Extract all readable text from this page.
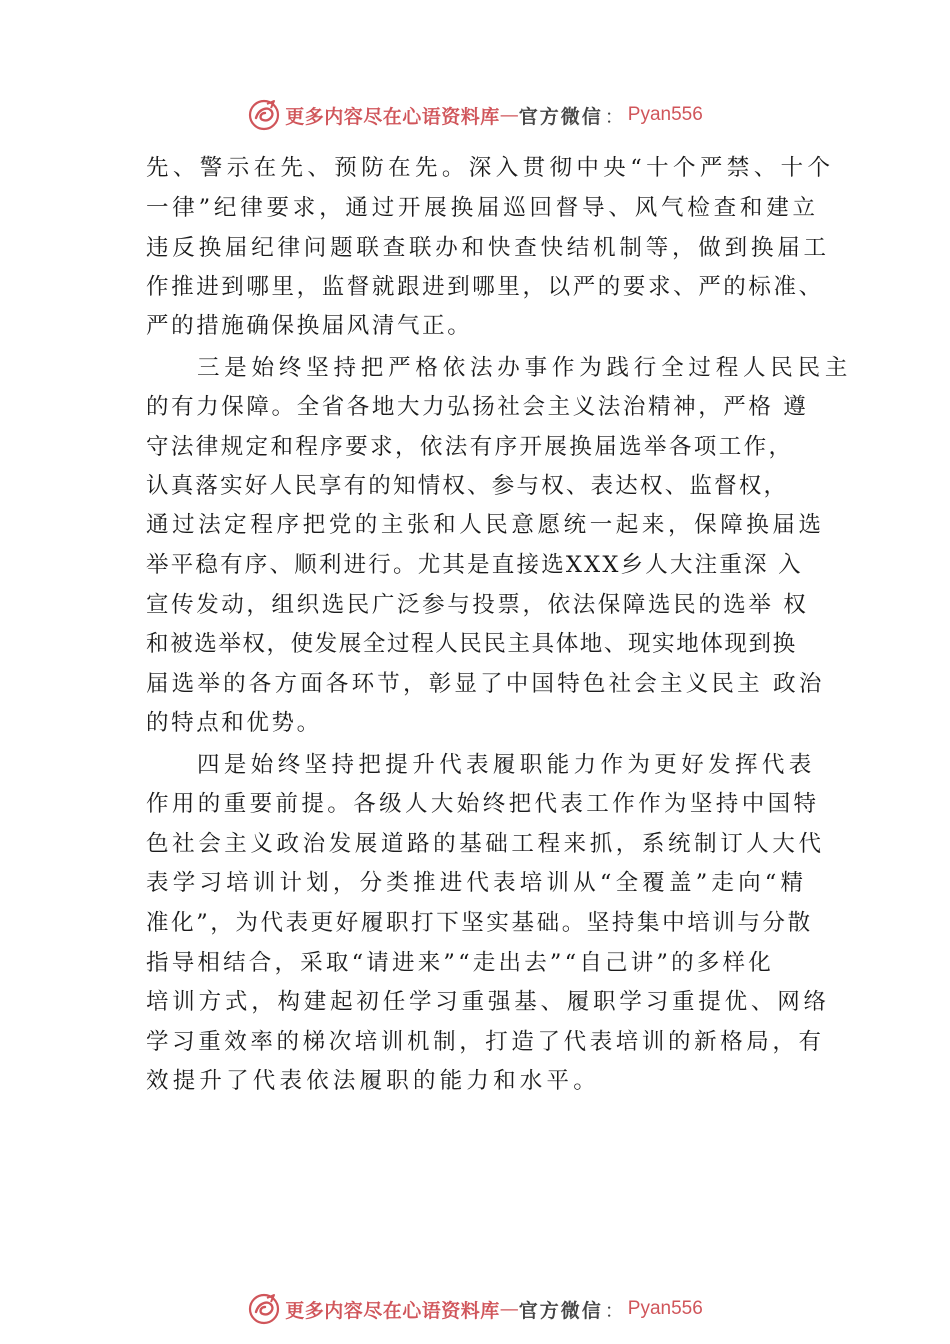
更多内容尽在心语资料库 — 官方微信 ： Pyan556
先、警示在先、预防在先。深入贯彻中央“十个严禁、十个
一律”纪律要求，通过开展换届巡回督导、风气检查和建立
违反换届纪律问题联查联办和快查快结机制等，做到换届工
作推进到哪里，监督就跟进到哪里，以严的要求、严的标准、
严的措施确保换届风清气正。
三是始终坚持把严格依法办事作为践行全过程人民民主
的有力保障。全省各地大力弘扬社会主义法治精神，严格 遵
守法律规定和程序要求，依法有序开展换届选举各项工作，
认真落实好人民享有的知情权、参与权、表达权、监督权，
通过法定程序把党的主张和人民意愿统一起来，保障换届选
举平稳有序、顺利进行。尤其是直接选XXX乡人大注重深 入
宣传发动，组织选民广泛参与投票，依法保障选民的选举 权
和被选举权，使发展全过程人民民主具体地、现实地体现到换
届选举的各方面各环节，彰显了中国特色社会主义民主 政治
的特点和优势。
四是始终坚持把提升代表履职能力作为更好发挥代表
作用的重要前提。各级人大始终把代表工作作为坚持中国特
色社会主义政治发展道路的基础工程来抓，系统制订人大代
表学习培训计划，分类推进代表培训从“全覆盖”走向“精
准化”，为代表更好履职打下坚实基础。坚持集中培训与分散
指导相结合，采取“请进来”“走出去”“自己讲”的多样化
培训方式，构建起初任学习重强基、履职学习重提优、网络
学习重效率的梯次培训机制，打造了代表培训的新格局，有
效提升了代表依法履职的能力和水平。
更多内容尽在心语资料库 — 官方微信 ： Pyan556
